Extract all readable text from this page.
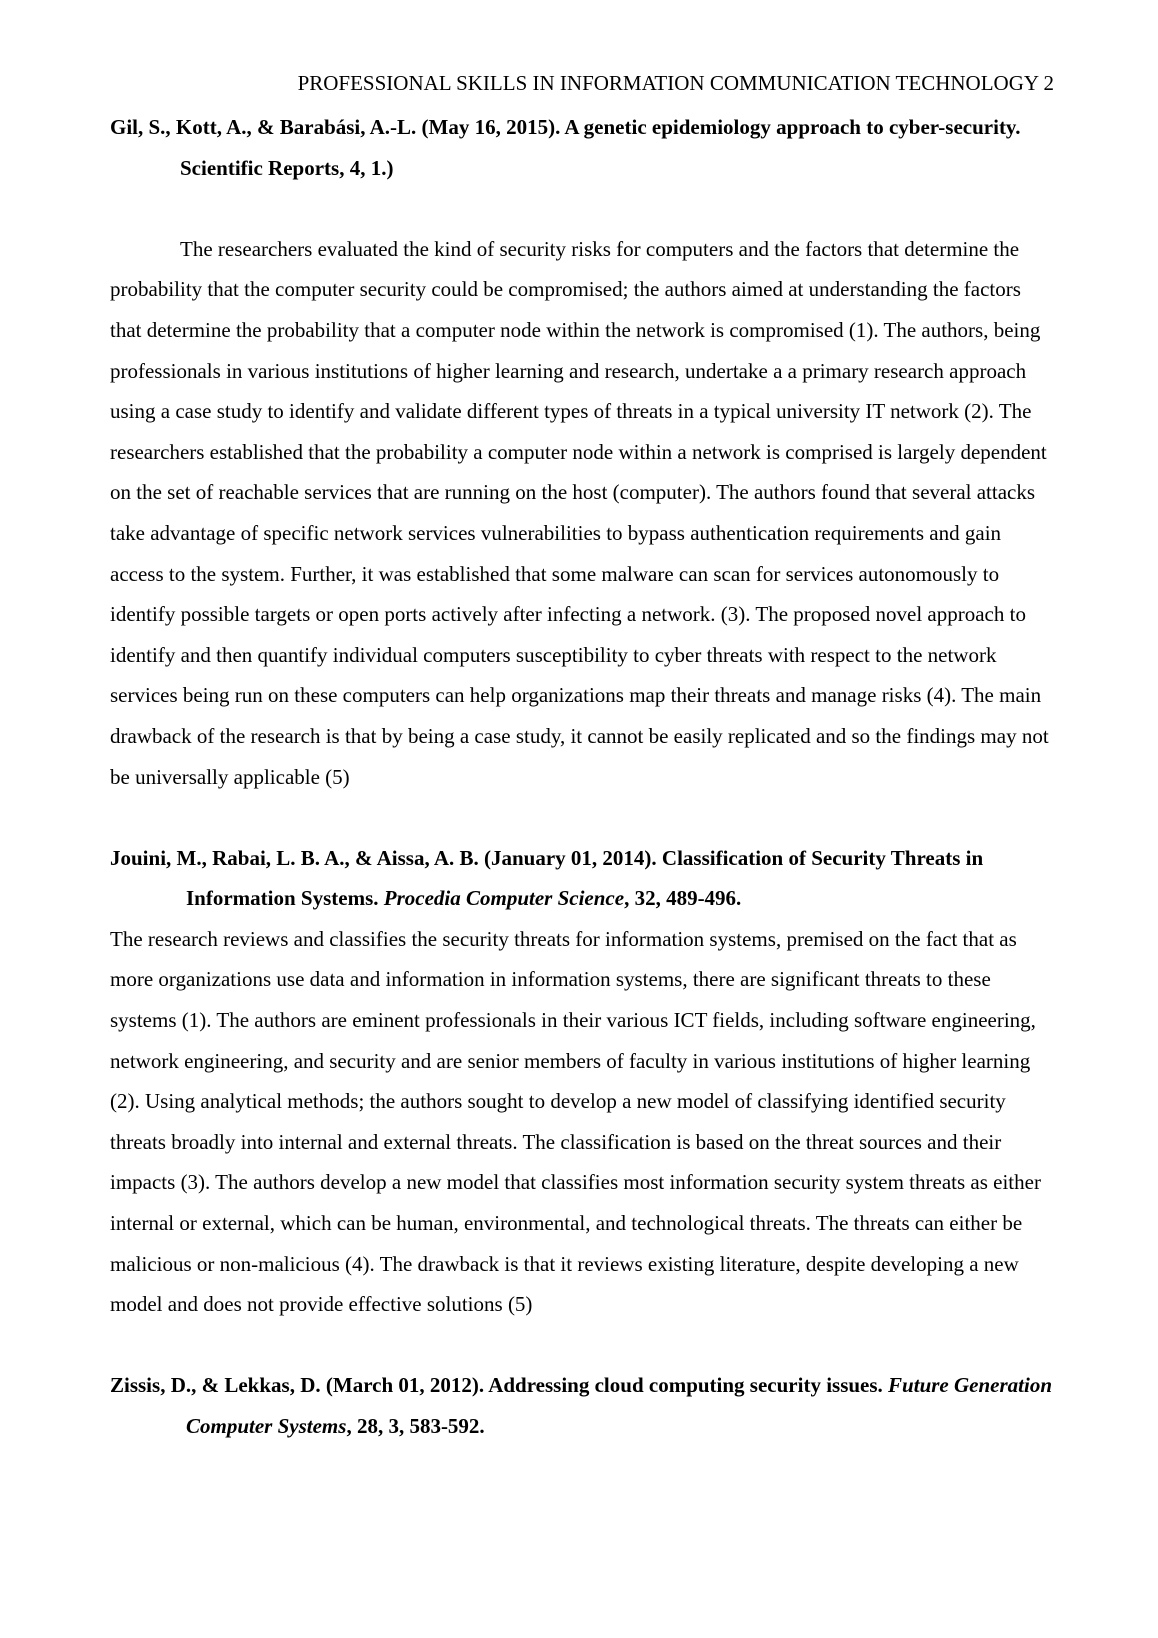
PROFESSIONAL SKILLS IN INFORMATION COMMUNICATION TECHNOLOGY 2

Gil, S., Kott, A., & Barabási, A.-L. (May 16, 2015). A genetic epidemiology approach to cyber-security. Scientific Reports, 4, 1.)

The researchers evaluated the kind of security risks for computers and the factors that determine the probability that the computer security could be compromised; the authors aimed at understanding the factors that determine the probability that a computer node within the network is compromised (1). The authors, being professionals in various institutions of higher learning and research, undertake a a primary research approach using a case study to identify and validate different types of threats in a typical university IT network (2). The researchers established that the probability a computer node within a network is comprised is largely dependent on the set of reachable services that are running on the host (computer). The authors found that several attacks take advantage of specific network services vulnerabilities to bypass authentication requirements and gain access to the system. Further, it was established that some malware can scan for services autonomously to identify possible targets or open ports actively after infecting a network. (3). The proposed novel approach to identify and then quantify individual computers susceptibility to cyber threats with respect to the network services being run on these computers can help organizations map their threats and manage risks (4). The main drawback of the research is that by being a case study, it cannot be easily replicated and so the findings may not be universally applicable (5)

Jouini, M., Rabai, L. B. A., & Aissa, A. B. (January 01, 2014). Classification of Security Threats in Information Systems. Procedia Computer Science, 32, 489-496.

The research reviews and classifies the security threats for information systems, premised on the fact that as more organizations use data and information in information systems, there are significant threats to these systems (1). The authors are eminent professionals in their various ICT fields, including software engineering, network engineering, and security and are senior members of faculty in various institutions of higher learning (2). Using analytical methods; the authors sought to develop a new model of classifying identified security threats broadly into internal and external threats. The classification is based on the threat sources and their impacts (3). The authors develop a new model that classifies most information security system threats as either internal or external, which can be human, environmental, and technological threats. The threats can either be malicious or non-malicious (4). The drawback is that it reviews existing literature, despite developing a new model and does not provide effective solutions (5)

Zissis, D., & Lekkas, D. (March 01, 2012). Addressing cloud computing security issues. Future Generation Computer Systems, 28, 3, 583-592.
